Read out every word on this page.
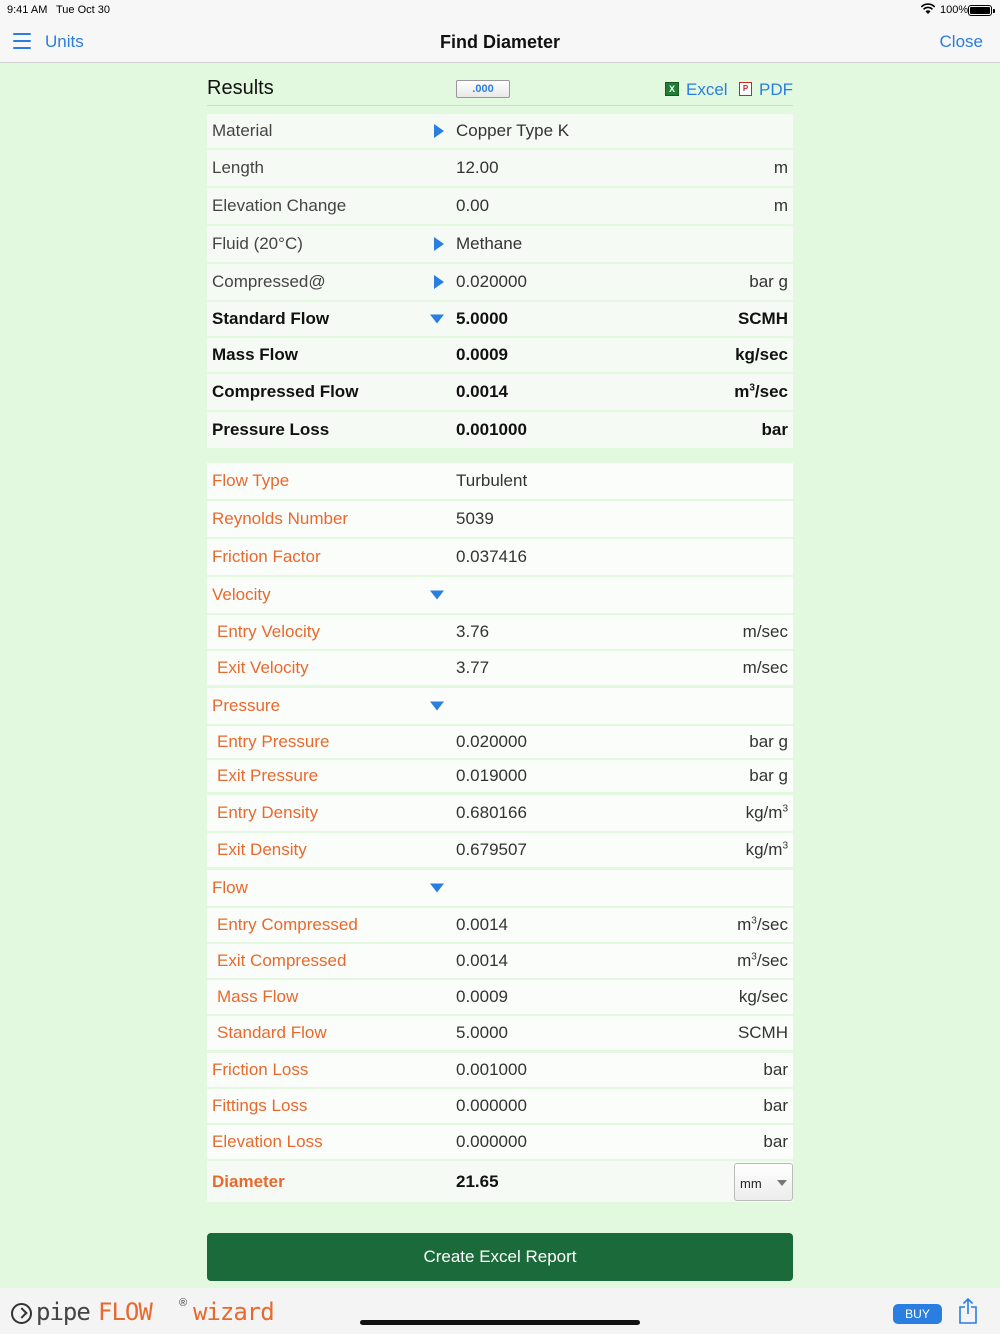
9:41 AM Tue Oct 30	100%
Units	Find Diameter	Close
Results	.000	X Excel	P PDF
Material	Copper Type K
Length	12.00	m
Elevation Change	0.00	m
Fluid (20°C)	Methane
Compressed@	0.020000	bar g
Standard Flow	5.0000	SCMH
Mass Flow	0.0009	kg/sec
Compressed Flow	0.0014	$m^3/\sec$
Pressure Loss	0.001000	bar
Flow Type	Turbulent
Reynolds Number	5039
Friction Factor	0.037416
Velocity
Entry Velocity	3.76	m/sec
Exit Velocity	3.77	m/sec
Pressure
Entry Pressure	0.020000	bar g
Exit Pressure	0.019000	bar g
Entry Density	0.680166	$kg/m^3$
Exit Density	0.679507	$kg/m^3$
Flow
Entry Compressed	0.0014	$m^3/\sec$
Exit Compressed	0.0014	$m^3/\sec$
Mass Flow	0.0009	kg/sec
Standard Flow	5.0000	SCMH
Friction Loss	0.001000	bar
Fittings Loss	0.000000	bar
Elevation Loss	0.000000	bar
Diameter	21.65	mm
Create Excel Report
pipe FLOW ® wizard	BUY
